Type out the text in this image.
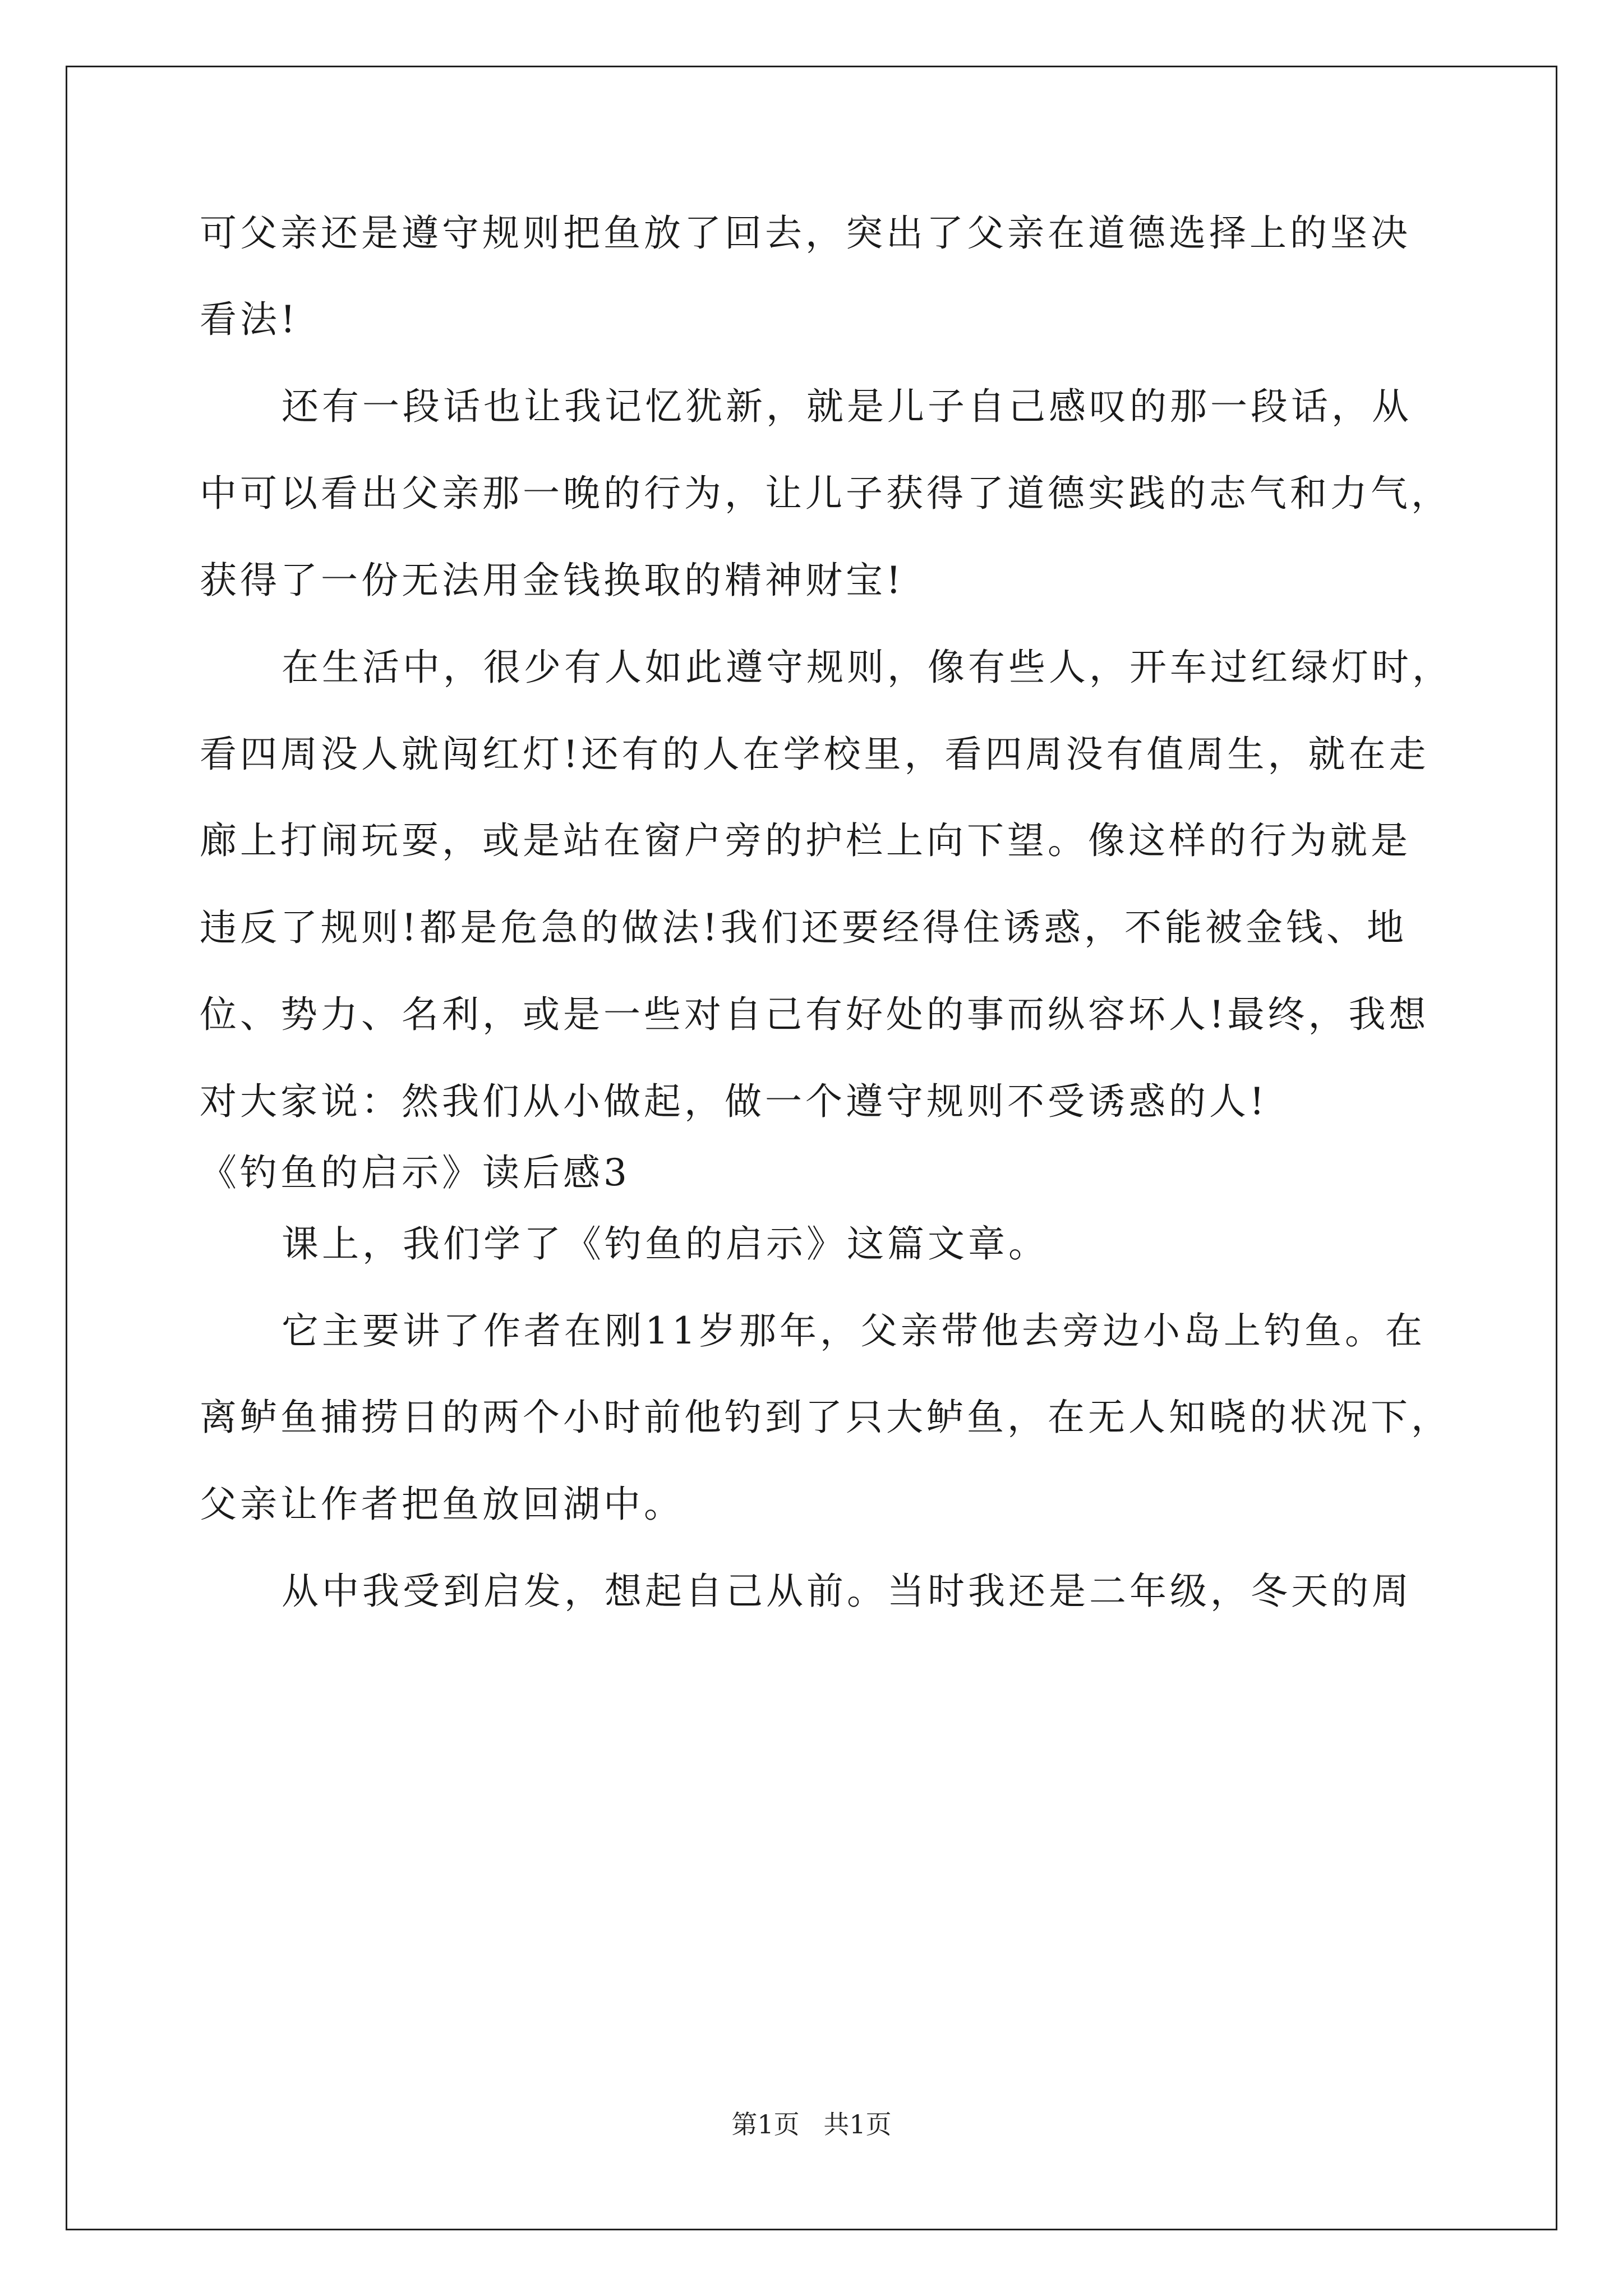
可父亲还是遵守规则把鱼放了回去，突出了父亲在道德选择上的坚决
看法!
还有一段话也让我记忆犹新，就是儿子自己感叹的那一段话，从
中可以看出父亲那一晚的行为，让儿子获得了道德实践的志气和力气，
获得了一份无法用金钱换取的精神财宝!
在生活中，很少有人如此遵守规则，像有些人，开车过红绿灯时，
看四周没人就闯红灯!还有的人在学校里，看四周没有值周生，就在走
廊上打闹玩耍，或是站在窗户旁的护栏上向下望。像这样的行为就是
违反了规则!都是危急的做法!我们还要经得住诱惑，不能被金钱、地
位、势力、名利，或是一些对自己有好处的事而纵容坏人!最终，我想
对大家说：然我们从小做起，做一个遵守规则不受诱惑的人!
《钓鱼的启示》读后感3
课上，我们学了《钓鱼的启示》这篇文章。
它主要讲了作者在刚11岁那年，父亲带他去旁边小岛上钓鱼。在
离鲈鱼捕捞日的两个小时前他钓到了只大鲈鱼，在无人知晓的状况下，
父亲让作者把鱼放回湖中。
从中我受到启发，想起自己从前。当时我还是二年级，冬天的周
第1页 共1页
